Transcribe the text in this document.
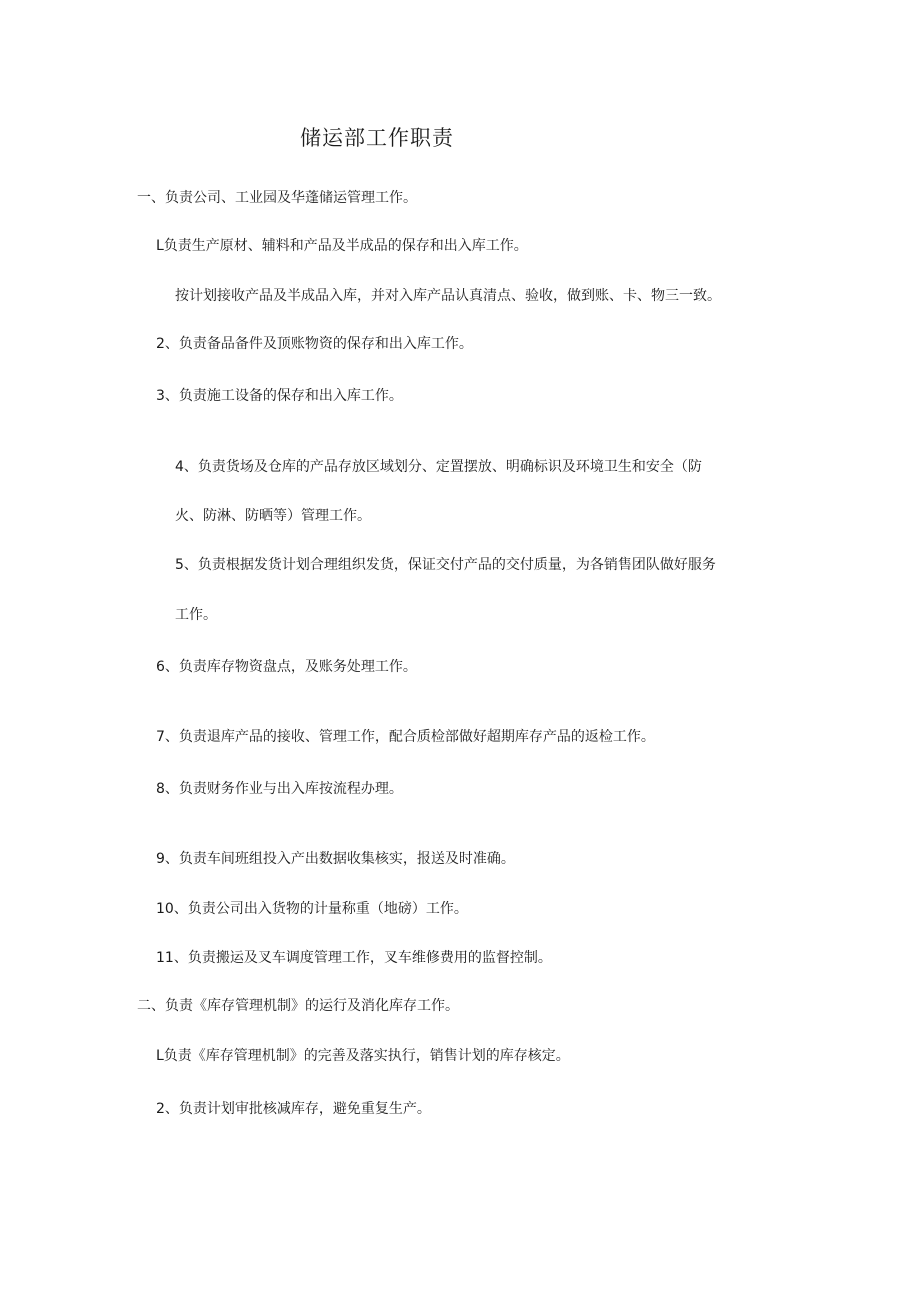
储运部工作职责
一、负责公司、工业园及华蓬储运管理工作。
L负责生产原材、辅料和产品及半成品的保存和出入库工作。
按计划接收产品及半成品入库，并对入库产品认真清点、验收，做到账、卡、物三一致。
2、负责备品备件及顶账物资的保存和出入库工作。
3、负责施工设备的保存和出入库工作。
4、负责货场及仓库的产品存放区域划分、定置摆放、明确标识及环境卫生和安全（防
火、防淋、防晒等）管理工作。
5、负责根据发货计划合理组织发货，保证交付产品的交付质量，为各销售团队做好服务
工作。
6、负责库存物资盘点，及账务处理工作。
7、负责退库产品的接收、管理工作，配合质检部做好超期库存产品的返检工作。
8、负责财务作业与出入库按流程办理。
9、负责车间班组投入产出数据收集核实，报送及时准确。
10、负责公司出入货物的计量称重（地磅）工作。
11、负责搬运及叉车调度管理工作，叉车维修费用的监督控制。
二、负责《库存管理机制》的运行及消化库存工作。
L负责《库存管理机制》的完善及落实执行，销售计划的库存核定。
2、负责计划审批核减库存，避免重复生产。
